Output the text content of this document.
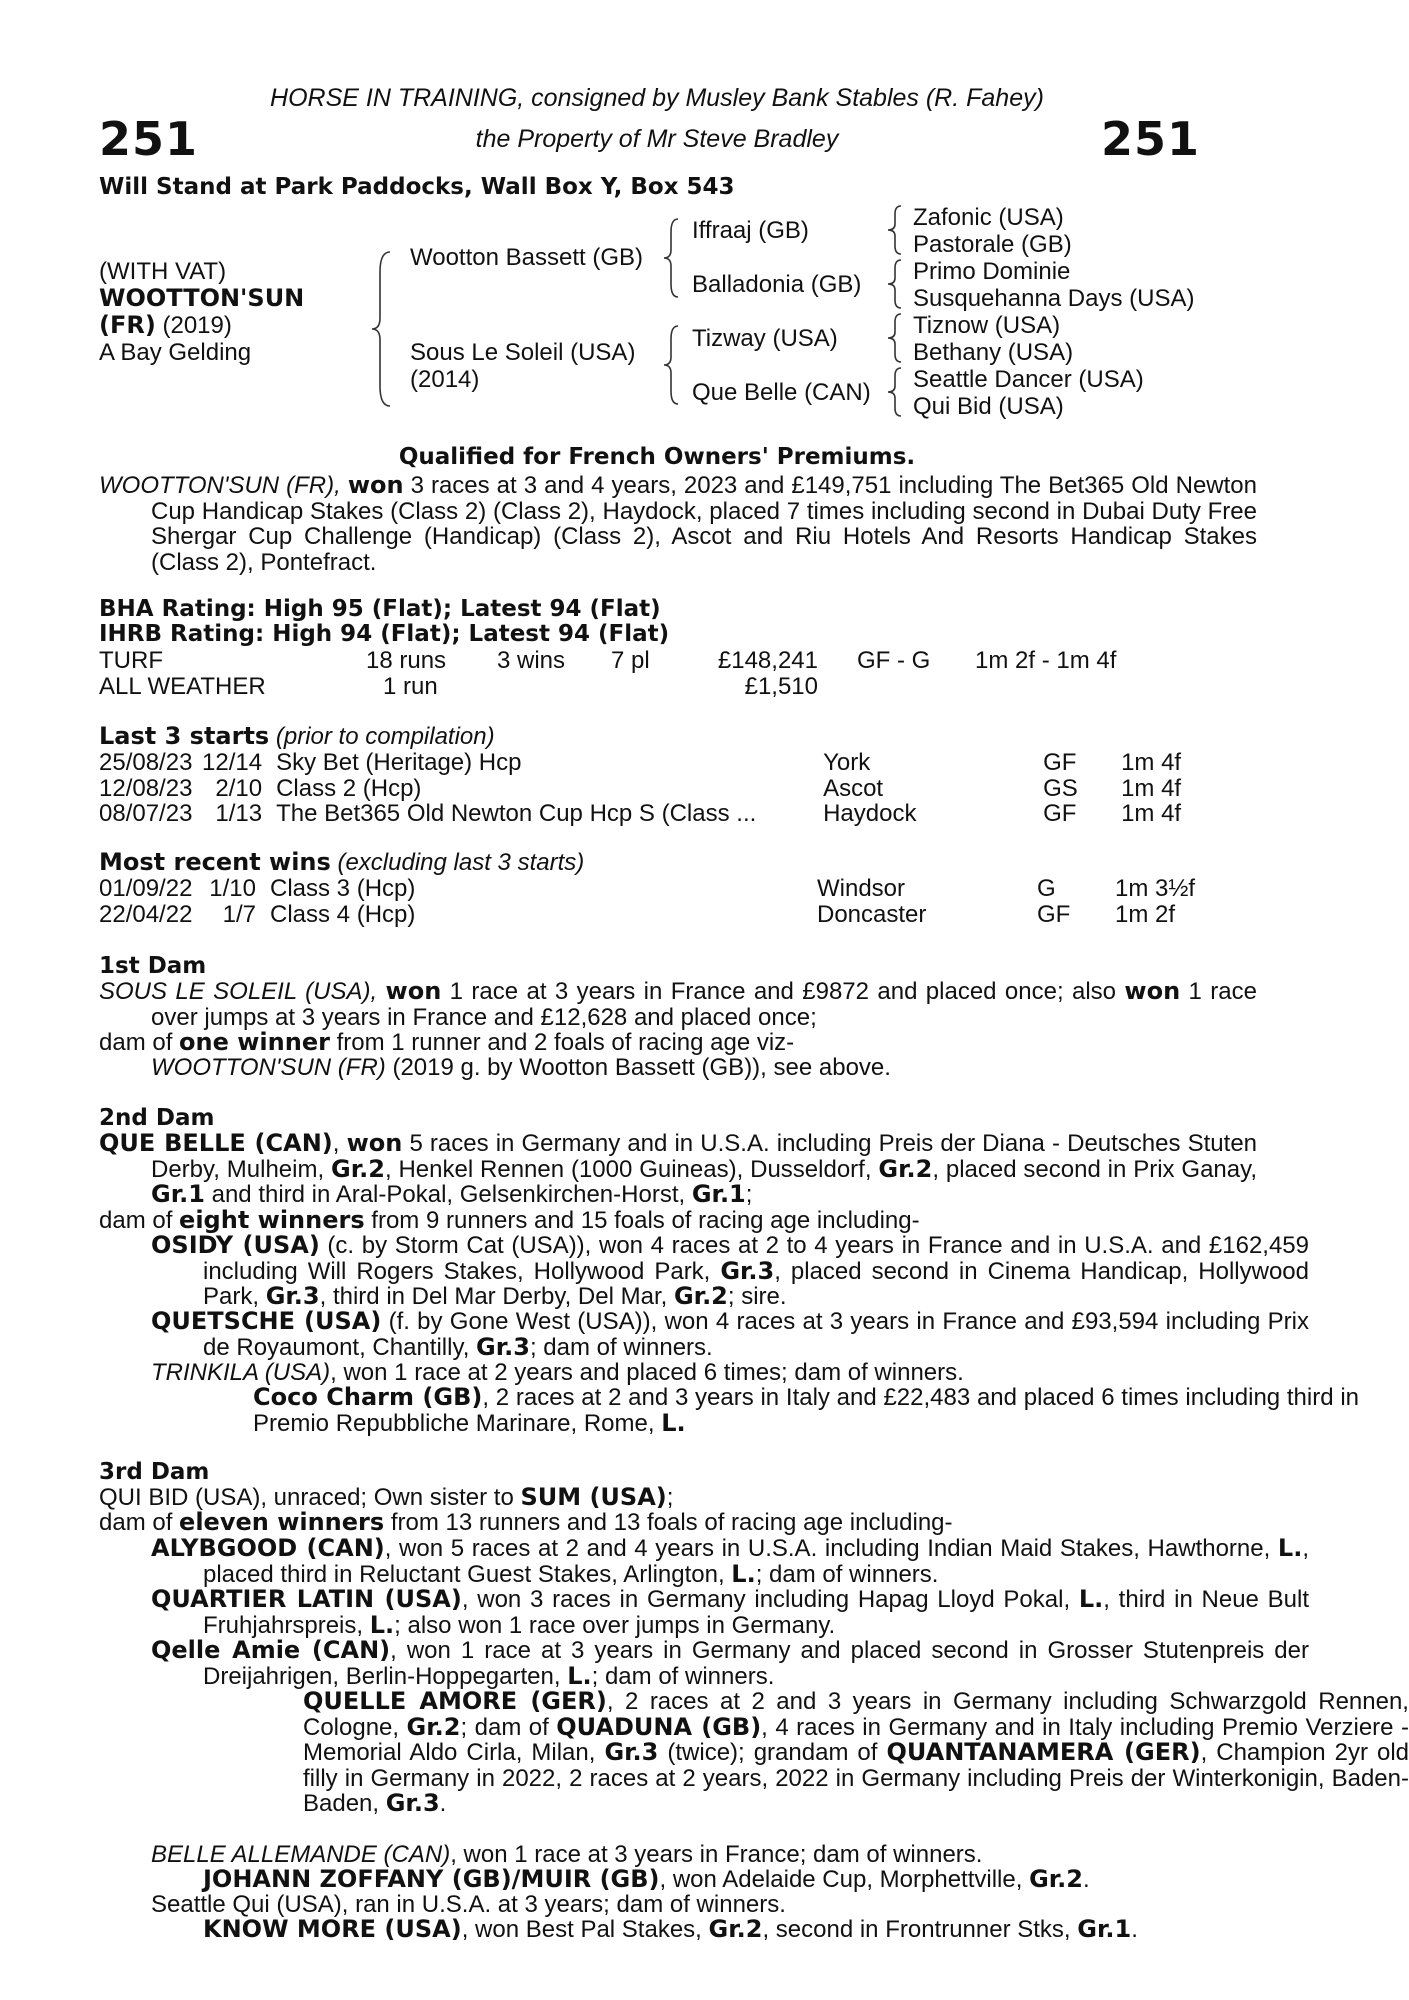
251	251
HORSE IN TRAINING, consigned by Musley Bank Stables (R. Fahey)
the Property of Mr Steve Bradley
Will Stand at Park Paddocks, Wall Box Y, Box 543
(WITH VAT)
WOOTTON'SUN
(FR) (2019)
A Bay Gelding
Wootton Bassett (GB)
Sous Le Soleil (USA)
(2014)
Iffraaj (GB)
Balladonia (GB)
Tizway (USA)
Que Belle (CAN)
Zafonic (USA)
Pastorale (GB)
Primo Dominie
Susquehanna Days (USA)
Tiznow (USA)
Bethany (USA)
Seattle Dancer (USA)
Qui Bid (USA)
Qualified for French Owners' Premiums.
WOOTTON'SUN (FR), won 3 races at 3 and 4 years, 2023 and £149,751 including The Bet365 Old Newton Cup Handicap Stakes (Class 2) (Class 2), Haydock, placed 7 times including second in Dubai Duty Free Shergar Cup Challenge (Handicap) (Class 2), Ascot and Riu Hotels And Resorts Handicap Stakes (Class 2), Pontefract.
BHA Rating: High 95 (Flat); Latest 94 (Flat)
IHRB Rating: High 94 (Flat); Latest 94 (Flat)
TURF	18 runs 3 wins 7 pl	£148,241 GF - G 1m 2f - 1m 4f
ALL WEATHER	1 run	£1,510
Last 3 starts (prior to compilation)
25/08/23	12/14	Sky Bet (Heritage) Hcp	York	GF	1m 4f
12/08/23	2/10	Class 2 (Hcp)	Ascot	GS	1m 4f
08/07/23	1/13	The Bet365 Old Newton Cup Hcp S (Class ...	Haydock	GF	1m 4f
Most recent wins (excluding last 3 starts)
01/09/22	1/10	Class 3 (Hcp)	Windsor	G	1m 3½f
22/04/22	1/7	Class 4 (Hcp)	Doncaster	GF	1m 2f
1st Dam
SOUS LE SOLEIL (USA), won 1 race at 3 years in France and £9872 and placed once; also won 1 race over jumps at 3 years in France and £12,628 and placed once;
dam of one winner from 1 runner and 2 foals of racing age viz-
WOOTTON'SUN (FR) (2019 g. by Wootton Bassett (GB)), see above.
2nd Dam
QUE BELLE (CAN), won 5 races in Germany and in U.S.A. including Preis der Diana - Deutsches Stuten Derby, Mulheim, Gr.2, Henkel Rennen (1000 Guineas), Dusseldorf, Gr.2, placed second in Prix Ganay, Gr.1 and third in Aral-Pokal, Gelsenkirchen-Horst, Gr.1;
dam of eight winners from 9 runners and 15 foals of racing age including-
OSIDY (USA) (c. by Storm Cat (USA)), won 4 races at 2 to 4 years in France and in U.S.A. and £162,459 including Will Rogers Stakes, Hollywood Park, Gr.3, placed second in Cinema Handicap, Hollywood Park, Gr.3, third in Del Mar Derby, Del Mar, Gr.2; sire.
QUETSCHE (USA) (f. by Gone West (USA)), won 4 races at 3 years in France and £93,594 including Prix de Royaumont, Chantilly, Gr.3; dam of winners.
TRINKILA (USA), won 1 race at 2 years and placed 6 times; dam of winners.
Coco Charm (GB), 2 races at 2 and 3 years in Italy and £22,483 and placed 6 times including third in Premio Repubbliche Marinare, Rome, L.
3rd Dam
QUI BID (USA), unraced; Own sister to SUM (USA);
dam of eleven winners from 13 runners and 13 foals of racing age including-
ALYBGOOD (CAN), won 5 races at 2 and 4 years in U.S.A. including Indian Maid Stakes, Hawthorne, L., placed third in Reluctant Guest Stakes, Arlington, L.; dam of winners.
QUARTIER LATIN (USA), won 3 races in Germany including Hapag Lloyd Pokal, L., third in Neue Bult Fruhjahrspreis, L.; also won 1 race over jumps in Germany.
Qelle Amie (CAN), won 1 race at 3 years in Germany and placed second in Grosser Stutenpreis der Dreijahrigen, Berlin-Hoppegarten, L.; dam of winners.
QUELLE AMORE (GER), 2 races at 2 and 3 years in Germany including Schwarzgold Rennen, Cologne, Gr.2; dam of QUADUNA (GB), 4 races in Germany and in Italy including Premio Verziere - Memorial Aldo Cirla, Milan, Gr.3 (twice); grandam of QUANTANAMERA (GER), Champion 2yr old filly in Germany in 2022, 2 races at 2 years, 2022 in Germany including Preis der Winterkonigin, Baden-Baden, Gr.3.
BELLE ALLEMANDE (CAN), won 1 race at 3 years in France; dam of winners.
JOHANN ZOFFANY (GB)/MUIR (GB), won Adelaide Cup, Morphettville, Gr.2.
Seattle Qui (USA), ran in U.S.A. at 3 years; dam of winners.
KNOW MORE (USA), won Best Pal Stakes, Gr.2, second in Frontrunner Stks, Gr.1.
